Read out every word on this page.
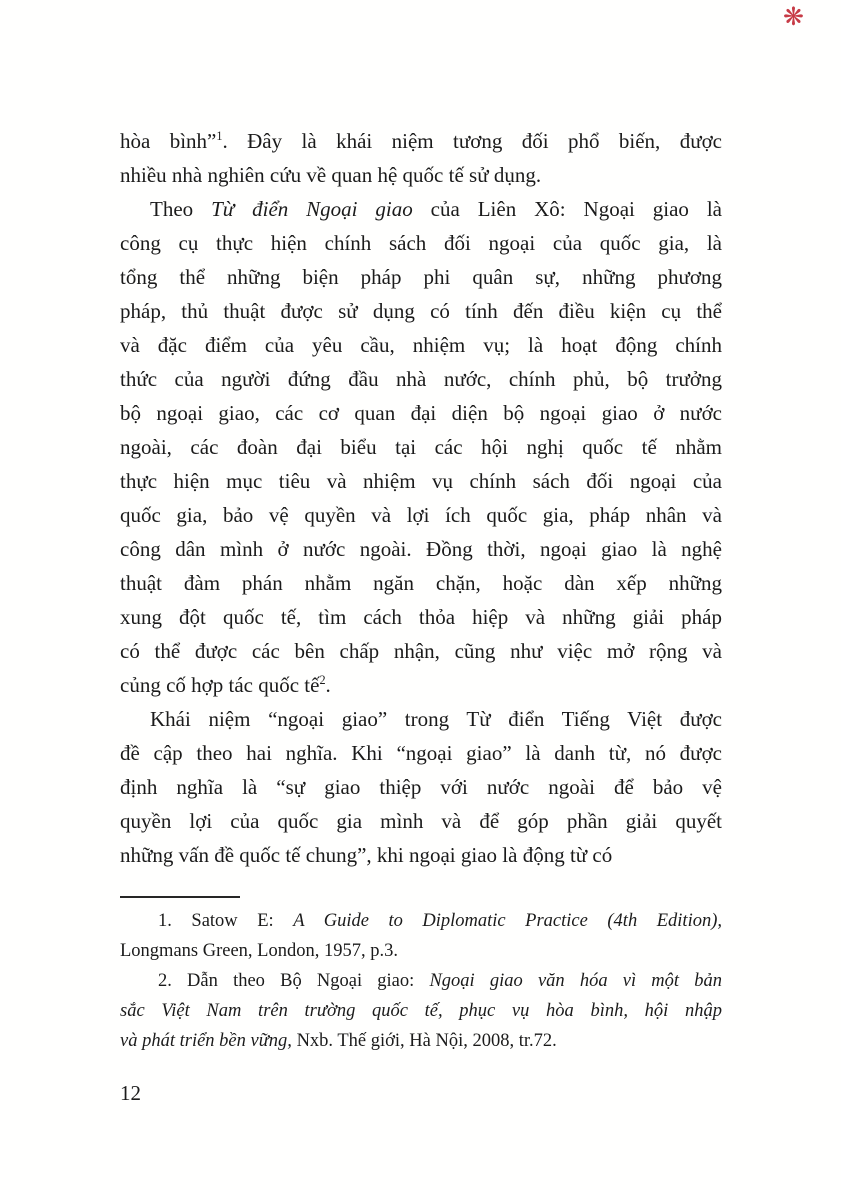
❋
hòa bình”$^1$. Đây là khái niệm tương đối phổ biến, được
nhiều nhà nghiên cứu về quan hệ quốc tế sử dụng.
Theo Từ điển Ngoại giao của Liên Xô: Ngoại giao là
công cụ thực hiện chính sách đối ngoại của quốc gia, là
tổng thể những biện pháp phi quân sự, những phương
pháp, thủ thuật được sử dụng có tính đến điều kiện cụ thể
và đặc điểm của yêu cầu, nhiệm vụ; là hoạt động chính
thức của người đứng đầu nhà nước, chính phủ, bộ trưởng
bộ ngoại giao, các cơ quan đại diện bộ ngoại giao ở nước
ngoài, các đoàn đại biểu tại các hội nghị quốc tế nhằm
thực hiện mục tiêu và nhiệm vụ chính sách đối ngoại của
quốc gia, bảo vệ quyền và lợi ích quốc gia, pháp nhân và
công dân mình ở nước ngoài. Đồng thời, ngoại giao là nghệ
thuật đàm phán nhằm ngăn chặn, hoặc dàn xếp những
xung đột quốc tế, tìm cách thỏa hiệp và những giải pháp
có thể được các bên chấp nhận, cũng như việc mở rộng và
củng cố hợp tác quốc tế$^2$.
Khái niệm “ngoại giao” trong Từ điển Tiếng Việt được
đề cập theo hai nghĩa. Khi “ngoại giao” là danh từ, nó được
định nghĩa là “sự giao thiệp với nước ngoài để bảo vệ
quyền lợi của quốc gia mình và để góp phần giải quyết
những vấn đề quốc tế chung”, khi ngoại giao là động từ có
1. Satow E: A Guide to Diplomatic Practice (4th Edition),
Longmans Green, London, 1957, p.3.
2. Dẫn theo Bộ Ngoại giao: Ngoại giao văn hóa vì một bản
sắc Việt Nam trên trường quốc tế, phục vụ hòa bình, hội nhập
và phát triển bền vững, Nxb. Thế giới, Hà Nội, 2008, tr.72.
12
